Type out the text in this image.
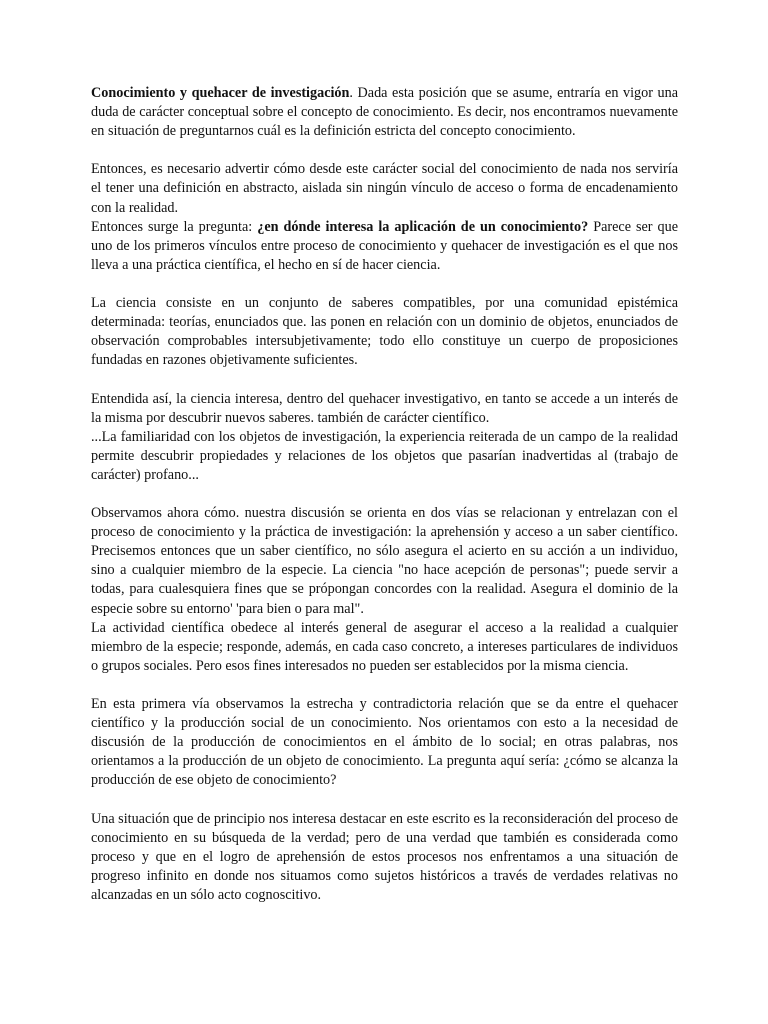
Conocimiento y quehacer de investigación. Dada esta posición que se asume, entraría en vigor una duda de carácter conceptual sobre el concepto de conocimiento. Es decir, nos encontramos nuevamente en situación de preguntarnos cuál es la definición estricta del concepto conocimiento.

Entonces, es necesario advertir cómo desde este carácter social del conocimiento de nada nos serviría el tener una definición en abstracto, aislada sin ningún vínculo de acceso o forma de encadenamiento con la realidad.

Entonces surge la pregunta: ¿en dónde interesa la aplicación de un conocimiento? Parece ser que uno de los primeros vínculos entre proceso de conocimiento y quehacer de investigación es el que nos lleva a una práctica científica, el hecho en sí de hacer ciencia.

La ciencia consiste en un conjunto de saberes compatibles, por una comunidad epistémica determinada: teorías, enunciados que. las ponen en relación con un dominio de objetos, enunciados de observación comprobables intersubjetivamente; todo ello constituye un cuerpo de proposiciones fundadas en razones objetivamente suficientes.

Entendida así, la ciencia interesa, dentro del quehacer investigativo, en tanto se accede a un interés de la misma por descubrir nuevos saberes. también de carácter científico.

...La familiaridad con los objetos de investigación, la experiencia reiterada de un campo de la realidad permite descubrir propiedades y relaciones de los objetos que pasarían inadvertidas al (trabajo de carácter) profano...

Observamos ahora cómo. nuestra discusión se orienta en dos vías se relacionan y entrelazan con el proceso de conocimiento y la práctica de investigación: la aprehensión y acceso a un saber científico. Precisemos entonces que un saber científico, no sólo asegura el acierto en su acción a un individuo, sino a cualquier miembro de la especie. La ciencia "no hace acepción de personas"; puede servir a todas, para cualesquiera fines que se própongan concordes con la realidad. Asegura el dominio de la especie sobre su entorno' 'para bien o para mal".

La actividad científica obedece al interés general de asegurar el acceso a la realidad a cualquier miembro de la especie; responde, además, en cada caso concreto, a intereses particulares de individuos o grupos sociales. Pero esos fines interesados no pueden ser establecidos por la misma ciencia.

En esta primera vía observamos la estrecha y contradictoria relación que se da entre el quehacer científico y la producción social de un conocimiento. Nos orientamos con esto a la necesidad de discusión de la producción de conocimientos en el ámbito de lo social; en otras palabras, nos orientamos a la producción de un objeto de conocimiento. La pregunta aquí sería: ¿cómo se alcanza la producción de ese objeto de conocimiento?

Una situación que de principio nos interesa destacar en este escrito es la reconsideración del proceso de conocimiento en su búsqueda de la verdad; pero de una verdad que también es considerada como proceso y que en el logro de aprehensión de estos procesos nos enfrentamos a una situación de progreso infinito en donde nos situamos como sujetos históricos a través de verdades relativas no alcanzadas en un sólo acto cognoscitivo.
